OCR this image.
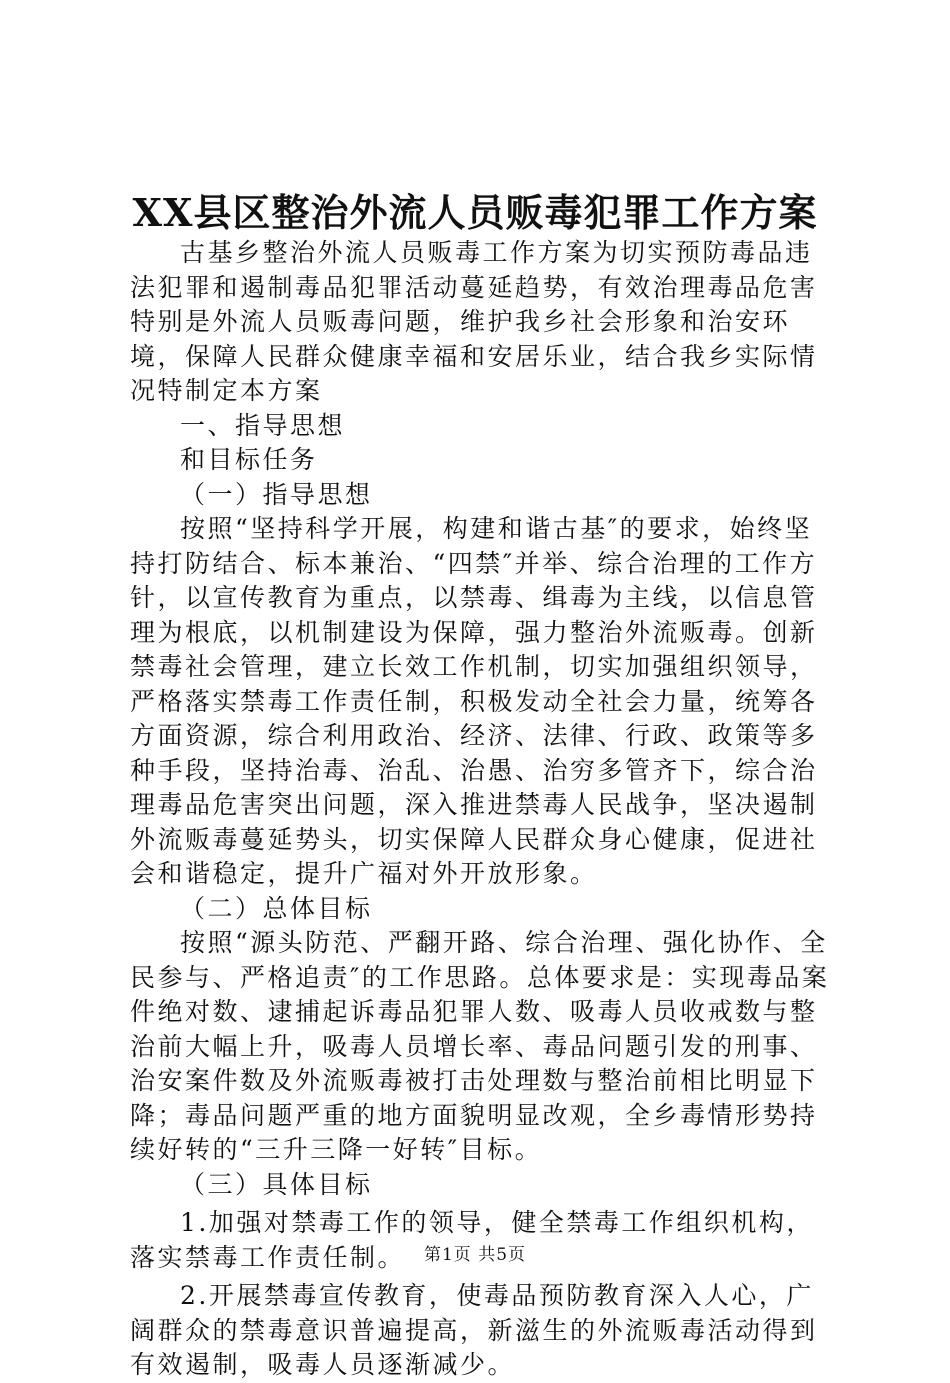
XX县区整治外流人员贩毒犯罪工作方案

古基乡整治外流人员贩毒工作方案为切实预防毒品违法犯罪和遏制毒品犯罪活动蔓延趋势，有效治理毒品危害特别是外流人员贩毒问题，维护我乡社会形象和治安环境，保障人民群众健康幸福和安居乐业，结合我乡实际情况特制定本方案

一、指导思想

和目标任务

（一）指导思想

按照“坚持科学开展，构建和谐古基″的要求，始终坚持打防结合、标本兼治、“四禁″并举、综合治理的工作方针，以宣传教育为重点，以禁毒、缉毒为主线，以信息管理为根底，以机制建设为保障，强力整治外流贩毒。创新禁毒社会管理，建立长效工作机制，切实加强组织领导，严格落实禁毒工作责任制，积极发动全社会力量，统筹各方面资源，综合利用政治、经济、法律、行政、政策等多种手段，坚持治毒、治乱、治愚、治穷多管齐下，综合治理毒品危害突出问题，深入推进禁毒人民战争，坚决遏制外流贩毒蔓延势头，切实保障人民群众身心健康，促进社会和谐稳定，提升广福对外开放形象。

（二）总体目标

按照“源头防范、严翻开路、综合治理、强化协作、全民参与、严格追责″的工作思路。总体要求是：实现毒品案件绝对数、逮捕起诉毒品犯罪人数、吸毒人员收戒数与整治前大幅上升，吸毒人员增长率、毒品问题引发的刑事、治安案件数及外流贩毒被打击处理数与整治前相比明显下降；毒品问题严重的地方面貌明显改观，全乡毒情形势持续好转的“三升三降一好转″目标。

（三）具体目标

1.加强对禁毒工作的领导，健全禁毒工作组织机构，落实禁毒工作责任制。

2.开展禁毒宣传教育，使毒品预防教育深入人心，广阔群众的禁毒意识普遍提高，新滋生的外流贩毒活动得到有效遏制，吸毒人员逐渐减少。

第1页 共5页
